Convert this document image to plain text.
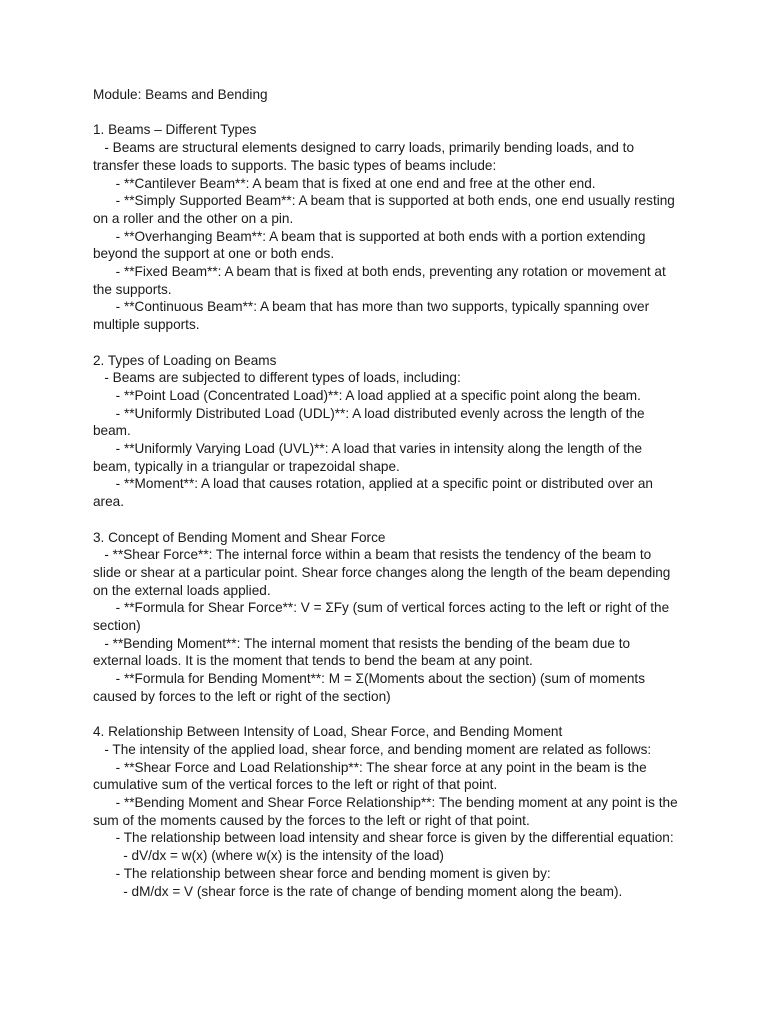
Module: Beams and Bending

1. Beams – Different Types

- Beams are structural elements designed to carry loads, primarily bending loads, and to transfer these loads to supports. The basic types of beams include:

- **Cantilever Beam**: A beam that is fixed at one end and free at the other end.

- **Simply Supported Beam**: A beam that is supported at both ends, one end usually resting on a roller and the other on a pin.

- **Overhanging Beam**: A beam that is supported at both ends with a portion extending beyond the support at one or both ends.

- **Fixed Beam**: A beam that is fixed at both ends, preventing any rotation or movement at the supports.

- **Continuous Beam**: A beam that has more than two supports, typically spanning over multiple supports.

2. Types of Loading on Beams

- Beams are subjected to different types of loads, including:

- **Point Load (Concentrated Load)**: A load applied at a specific point along the beam.

- **Uniformly Distributed Load (UDL)**: A load distributed evenly across the length of the beam.

- **Uniformly Varying Load (UVL)**: A load that varies in intensity along the length of the beam, typically in a triangular or trapezoidal shape.

- **Moment**: A load that causes rotation, applied at a specific point or distributed over an area.

3. Concept of Bending Moment and Shear Force

- **Shear Force**: The internal force within a beam that resists the tendency of the beam to slide or shear at a particular point. Shear force changes along the length of the beam depending on the external loads applied.

- **Formula for Shear Force**: V = ΣFy (sum of vertical forces acting to the left or right of the section)

- **Bending Moment**: The internal moment that resists the bending of the beam due to external loads. It is the moment that tends to bend the beam at any point.

- **Formula for Bending Moment**: M = Σ(Moments about the section) (sum of moments caused by forces to the left or right of the section)

4. Relationship Between Intensity of Load, Shear Force, and Bending Moment

- The intensity of the applied load, shear force, and bending moment are related as follows:

- **Shear Force and Load Relationship**: The shear force at any point in the beam is the cumulative sum of the vertical forces to the left or right of that point.

- **Bending Moment and Shear Force Relationship**: The bending moment at any point is the sum of the moments caused by the forces to the left or right of that point.

- The relationship between load intensity and shear force is given by the differential equation:

- dV/dx = w(x) (where w(x) is the intensity of the load)

- The relationship between shear force and bending moment is given by:

- dM/dx = V (shear force is the rate of change of bending moment along the beam).
